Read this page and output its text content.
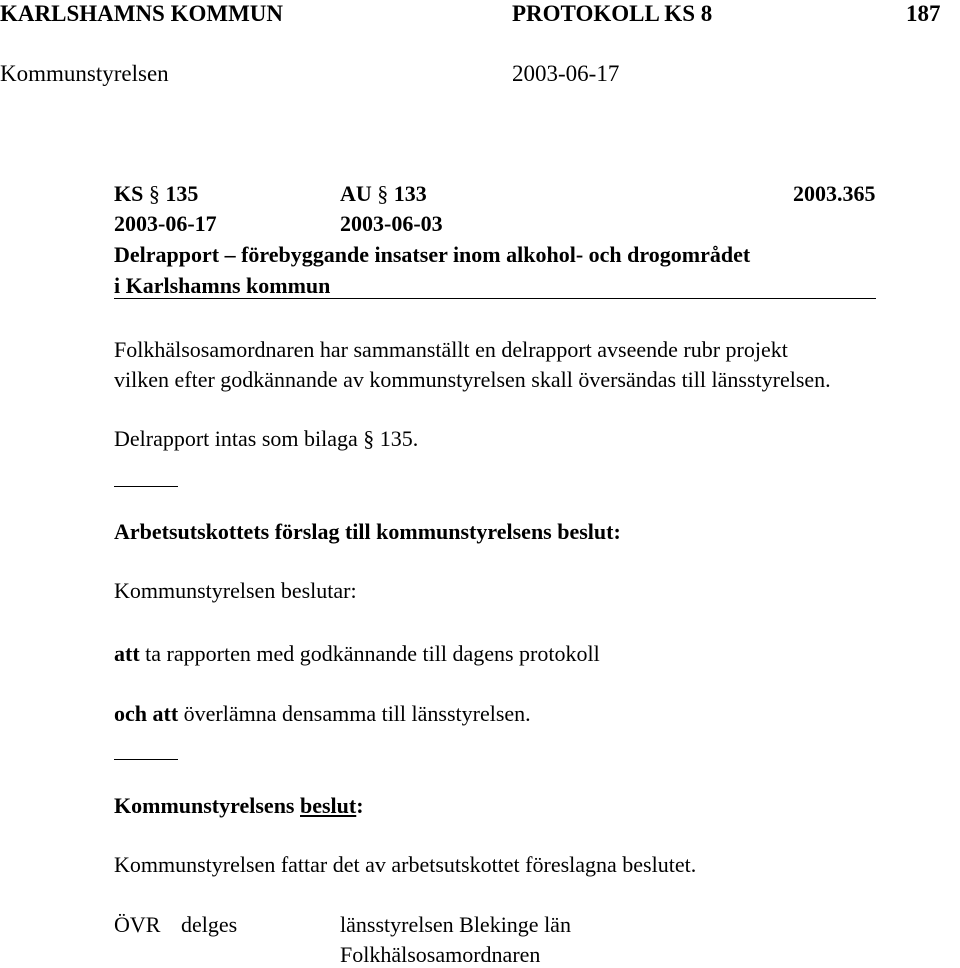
KARLSHAMNS KOMMUN	PROTOKOLL KS 8	187
Kommunstyrelsen	2003-06-17
KS § 135	AU § 133	2003.365
2003-06-17	2003-06-03
Delrapport – förebyggande insatser inom alkohol- och drogområdet
i Karlshamns kommun
Folkhälsosamordnaren har sammanställt en delrapport avseende rubr projekt
vilken efter godkännande av kommunstyrelsen skall översändas till länsstyrelsen.
Delrapport intas som bilaga § 135.
Arbetsutskottets förslag till kommunstyrelsens beslut:
Kommunstyrelsen beslutar:
att ta rapporten med godkännande till dagens protokoll
och att överlämna densamma till länsstyrelsen.
Kommunstyrelsens beslut:
Kommunstyrelsen fattar det av arbetsutskottet föreslagna beslutet.
ÖVR delges	länsstyrelsen Blekinge län
Folkhälsosamordnaren
